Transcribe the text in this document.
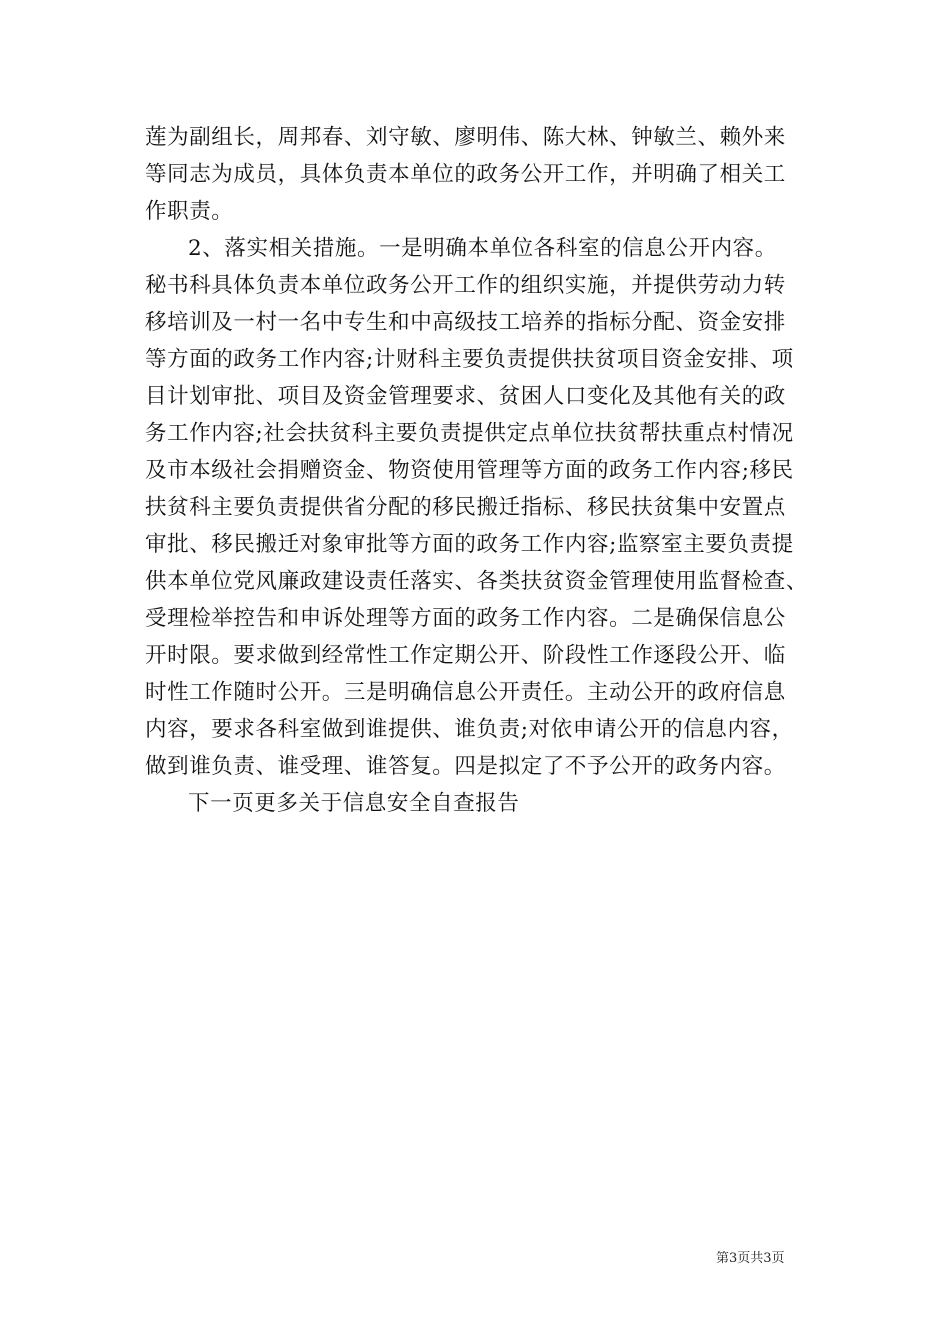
莲为副组长，周邦春、刘守敏、廖明伟、陈大林、钟敏兰、赖外来
等同志为成员，具体负责本单位的政务公开工作，并明确了相关工
作职责。
2、落实相关措施。一是明确本单位各科室的信息公开内容。
秘书科具体负责本单位政务公开工作的组织实施，并提供劳动力转
移培训及一村一名中专生和中高级技工培养的指标分配、资金安排
等方面的政务工作内容;计财科主要负责提供扶贫项目资金安排、项
目计划审批、项目及资金管理要求、贫困人口变化及其他有关的政
务工作内容;社会扶贫科主要负责提供定点单位扶贫帮扶重点村情况
及市本级社会捐赠资金、物资使用管理等方面的政务工作内容;移民
扶贫科主要负责提供省分配的移民搬迁指标、移民扶贫集中安置点
审批、移民搬迁对象审批等方面的政务工作内容;监察室主要负责提
供本单位党风廉政建设责任落实、各类扶贫资金管理使用监督检查、
受理检举控告和申诉处理等方面的政务工作内容。二是确保信息公
开时限。要求做到经常性工作定期公开、阶段性工作逐段公开、临
时性工作随时公开。三是明确信息公开责任。主动公开的政府信息
内容，要求各科室做到谁提供、谁负责;对依申请公开的信息内容，
做到谁负责、谁受理、谁答复。四是拟定了不予公开的政务内容。
下一页更多关于信息安全自查报告
第3页共3页
